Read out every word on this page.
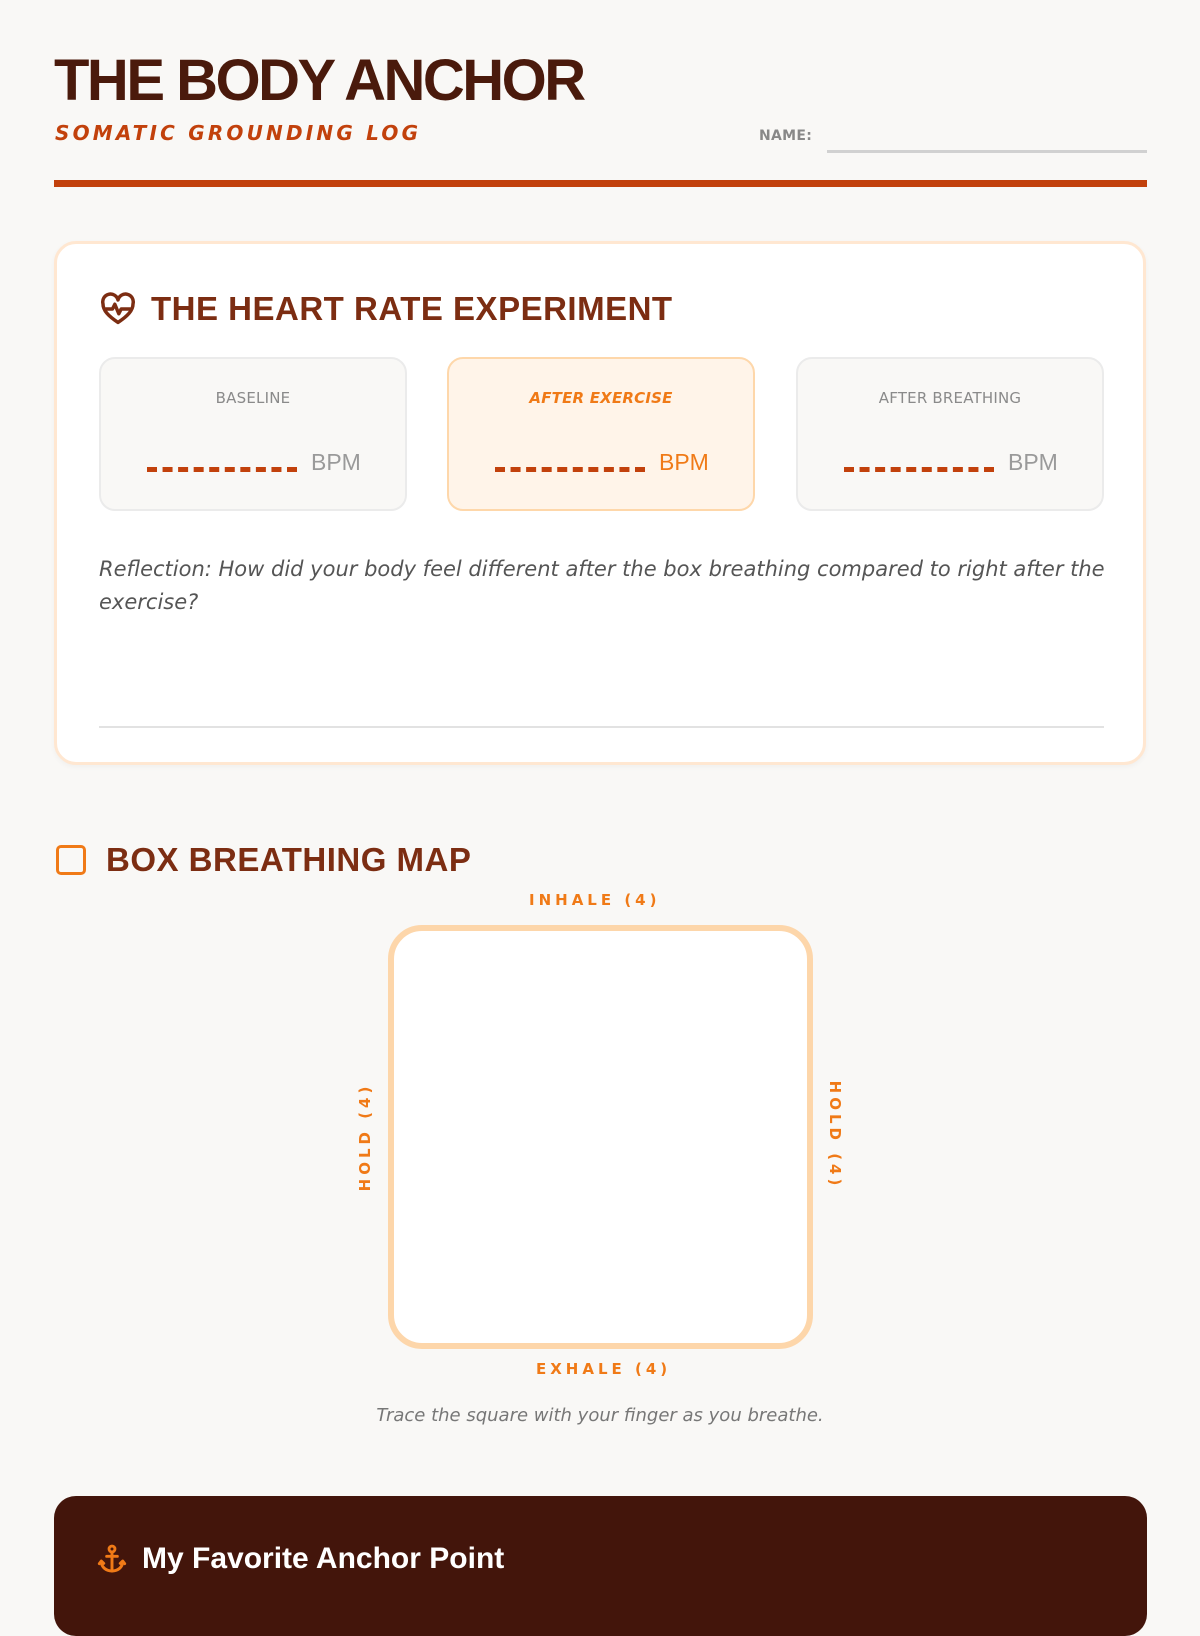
THE BODY ANCHOR
SOMATIC GROUNDING LOG	NAME:
THE HEART RATE EXPERIMENT
BASELINE
BPM
AFTER EXERCISE
BPM
AFTER BREATHING
BPM

Reflection: How did your body feel different after the box breathing compared to right after the exercise?

BOX BREATHING MAP
INHALE (4)
HOLD (4)	HOLD (4)
EXHALE (4)
Trace the square with your finger as you breathe.
My Favorite Anchor Point
